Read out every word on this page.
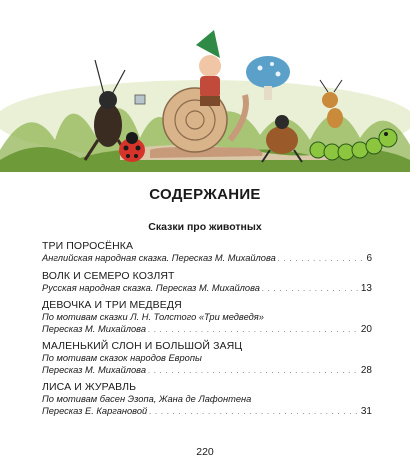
СОДЕРЖАНИЕ
Сказки про животных
ТРИ ПОРОСЁНКА
Английская народная сказка. Пересказ М. Михайлова . . .	6
ВОЛК И СЕМЕРО КОЗЛЯТ
Русская народная сказка. Пересказ М. Михайлова . . .	13
ДЕВОЧКА И ТРИ МЕДВЕДЯ
По мотивам сказки Л. Н. Толстого «Три медведя»
Пересказ М. Михайлова . . .	20
МАЛЕНЬКИЙ СЛОН И БОЛЬШОЙ ЗАЯЦ
По мотивам сказок народов Европы
Пересказ М. Михайлова . . .	28
ЛИСА И ЖУРАВЛЬ
По мотивам басен Эзопа, Жана де Лафонтена
Пересказ Е. Каргановой . . .	31
220
